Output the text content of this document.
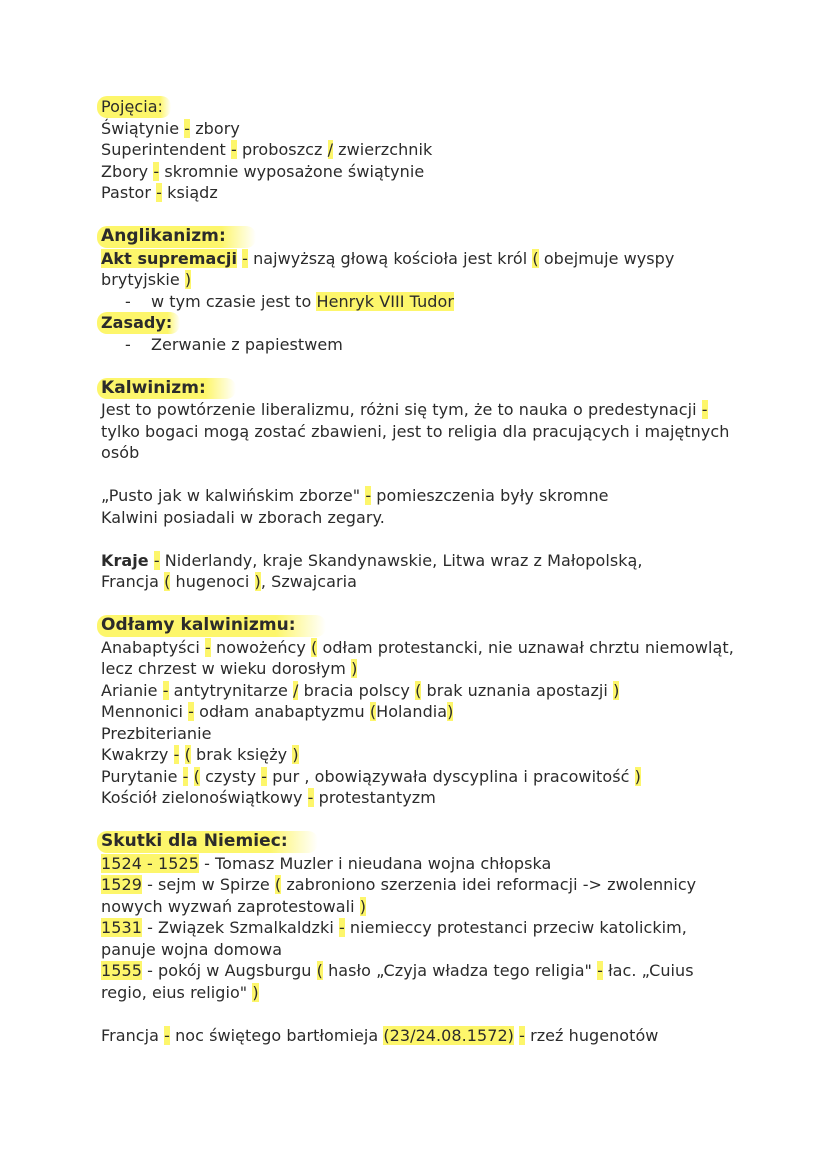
Pojęcia:
Świątynie - zbory
Superintendent - proboszcz / zwierzchnik
Zbory - skromnie wyposażone świątynie
Pastor - ksiądz
Anglikanizm:
Akt supremacji - najwyższą głową kościoła jest król ( obejmuje wyspy brytyjskie )
- w tym czasie jest to Henryk VIII Tudor
Zasady:
- Zerwanie z papiestwem
Kalwinizm:
Jest to powtórzenie liberalizmu, różni się tym, że to nauka o predestynacji - tylko bogaci mogą zostać zbawieni, jest to religia dla pracujących i majętnych osób
„Pusto jak w kalwińskim zborze" - pomieszczenia były skromne
Kalwini posiadali w zborach zegary.
Kraje - Niderlandy, kraje Skandynawskie, Litwa wraz z Małopolską, Francja ( hugenoci ), Szwajcaria
Odłamy kalwinizmu:
Anabaptyści - nowożeńcy ( odłam protestancki, nie uznawał chrztu niemowląt, lecz chrzest w wieku dorosłym )
Arianie - antytrynitarze / bracia polscy ( brak uznania apostazji )
Mennonici - odłam anabaptyzmu (Holandia)
Prezbiterianie
Kwakrzy - ( brak księży )
Purytanie - ( czysty - pur , obowiązywała dyscyplina i pracowitość )
Kościół zielonoświątkowy - protestantyzm
Skutki dla Niemiec:
1524 - 1525 - Tomasz Muzler i nieudana wojna chłopska
1529 - sejm w Spirze ( zabroniono szerzenia idei reformacji -> zwolennicy nowych wyzwań zaprotestowali )
1531 - Związek Szmalkaldzki - niemieccy protestanci przeciw katolickim, panuje wojna domowa
1555 - pokój w Augsburgu ( hasło „Czyja władza tego religia" - łac. „Cuius regio, eius religio" )
Francja - noc świętego bartłomieja (23/24.08.1572) - rzeź hugenotów
